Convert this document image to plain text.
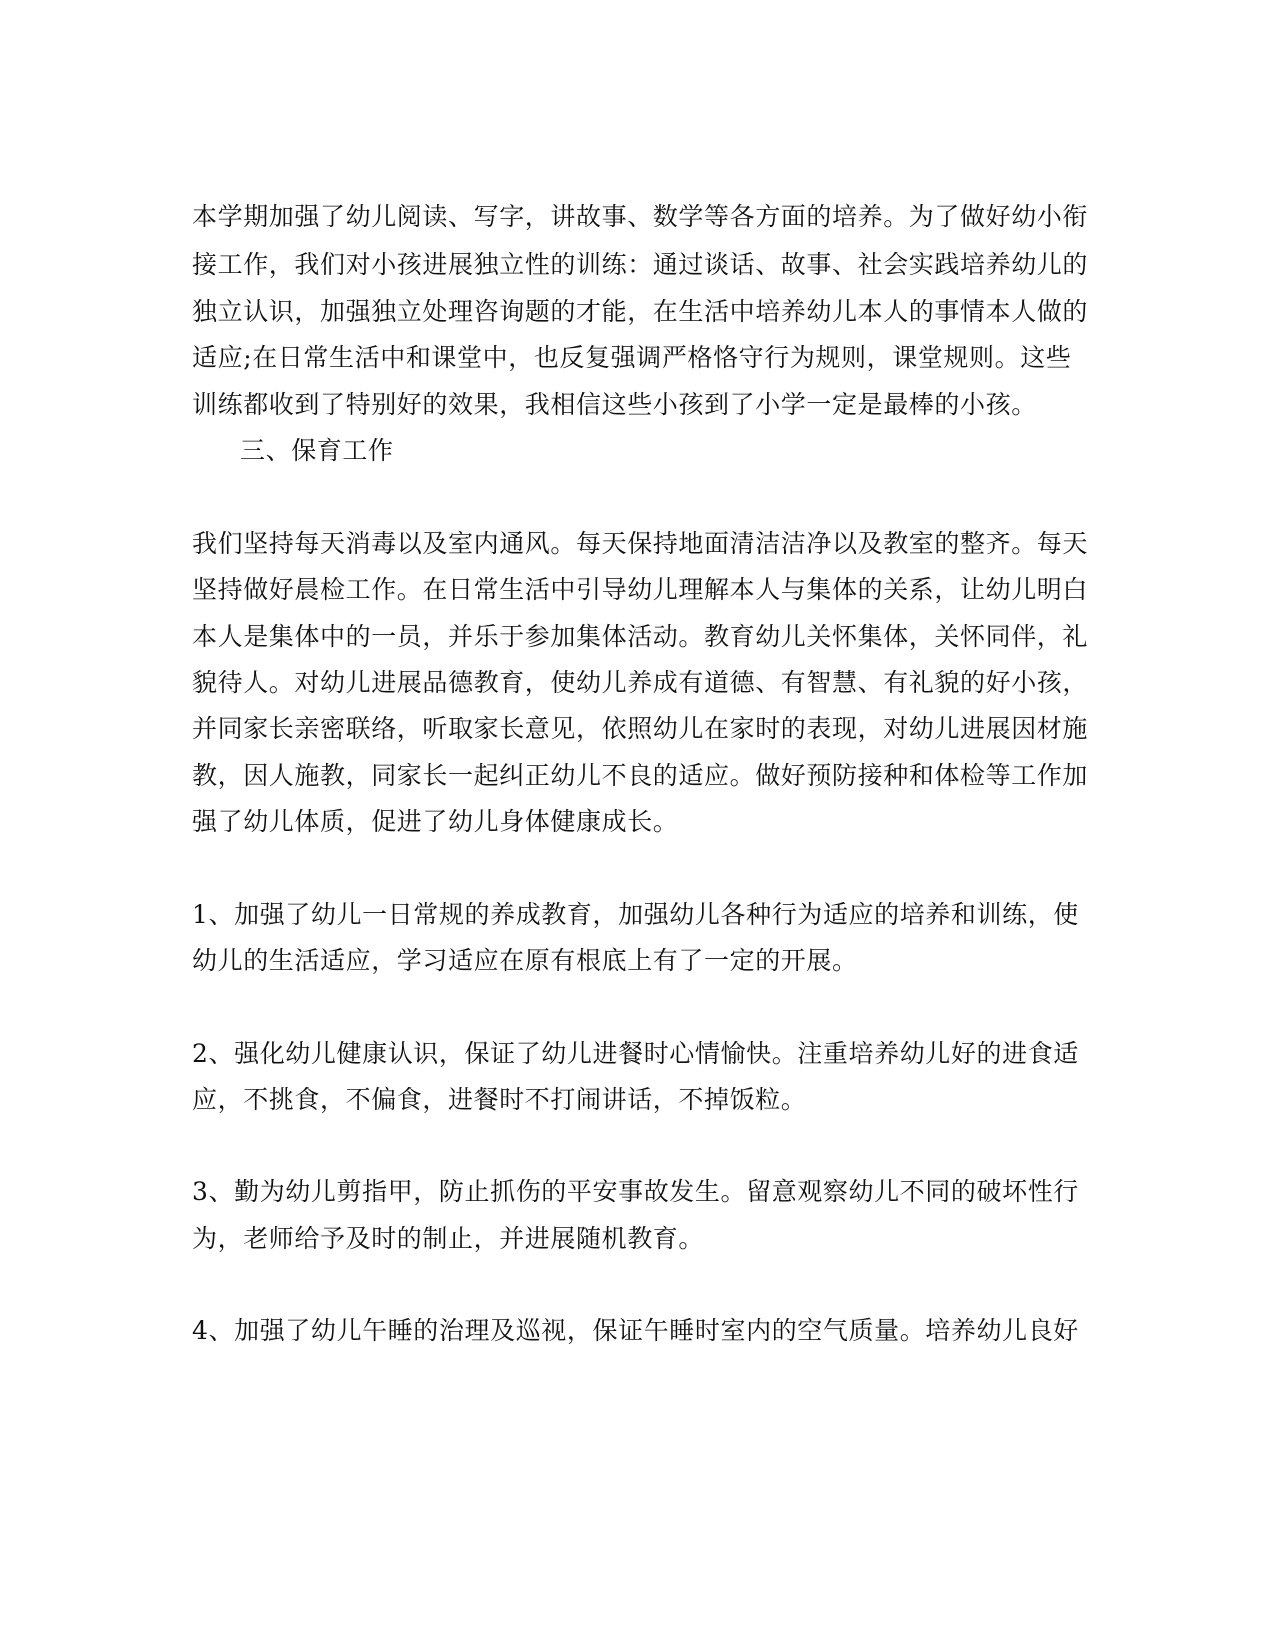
本学期加强了幼儿阅读、写字，讲故事、数学等各方面的培养。为了做好幼小衔
接工作，我们对小孩进展独立性的训练：通过谈话、故事、社会实践培养幼儿的
独立认识，加强独立处理咨询题的才能，在生活中培养幼儿本人的事情本人做的
适应;在日常生活中和课堂中，也反复强调严格恪守行为规则，课堂规则。这些
训练都收到了特别好的效果，我相信这些小孩到了小学一定是最棒的小孩。
三、保育工作
我们坚持每天消毒以及室内通风。每天保持地面清洁洁净以及教室的整齐。每天
坚持做好晨检工作。在日常生活中引导幼儿理解本人与集体的关系，让幼儿明白
本人是集体中的一员，并乐于参加集体活动。教育幼儿关怀集体，关怀同伴，礼
貌待人。对幼儿进展品德教育，使幼儿养成有道德、有智慧、有礼貌的好小孩，
并同家长亲密联络，听取家长意见，依照幼儿在家时的表现，对幼儿进展因材施
教，因人施教，同家长一起纠正幼儿不良的适应。做好预防接种和体检等工作加
强了幼儿体质，促进了幼儿身体健康成长。
1、加强了幼儿一日常规的养成教育，加强幼儿各种行为适应的培养和训练，使
幼儿的生活适应，学习适应在原有根底上有了一定的开展。
2、强化幼儿健康认识，保证了幼儿进餐时心情愉快。注重培养幼儿好的进食适
应，不挑食，不偏食，进餐时不打闹讲话，不掉饭粒。
3、勤为幼儿剪指甲，防止抓伤的平安事故发生。留意观察幼儿不同的破坏性行
为，老师给予及时的制止，并进展随机教育。
4、加强了幼儿午睡的治理及巡视，保证午睡时室内的空气质量。培养幼儿良好
